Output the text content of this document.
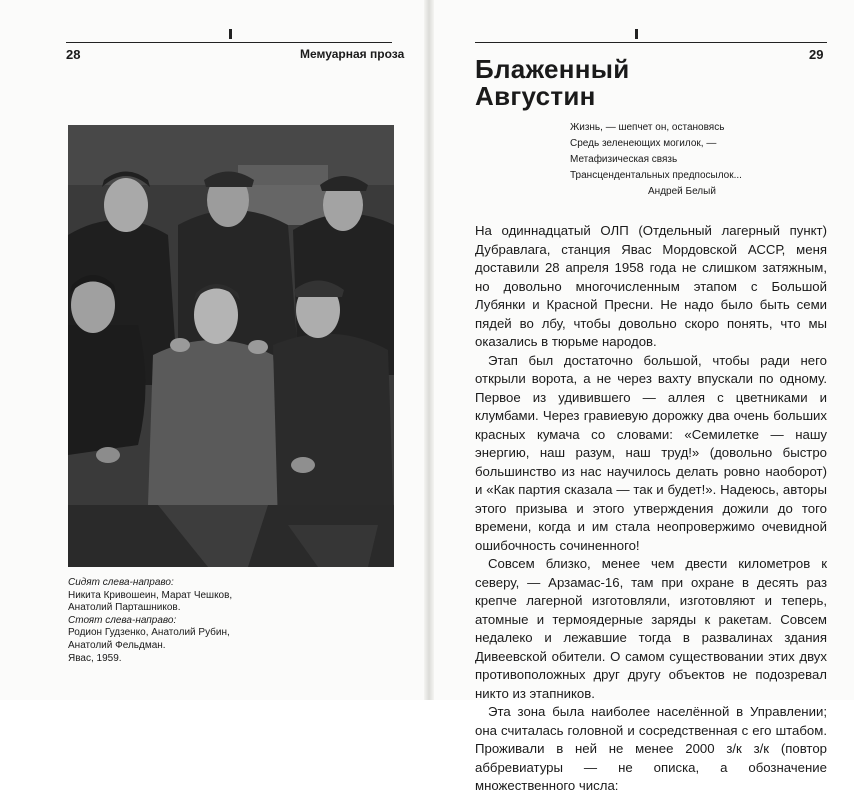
28	Мемуарная проза
Сидят слева-направо:
Никита Кривошеин, Марат Чешков,
Анатолий Парташников.
Стоят слева-направо:
Родион Гудзенко, Анатолий Рубин,
Анатолий Фельдман.
Явас, 1959.
29
Блаженный
Августин
Жизнь, — шепчет он, остановясь
Средь зеленеющих могилок, —
Метафизическая связь
Трансцендентальных предпосылок...
Андрей Белый

На одиннадцатый ОЛП (Отдельный лагерный пункт) Дубравлага, станция Явас Мордовской АССР, меня доставили 28 апреля 1958 года не слишком затяжным, но довольно многочисленным этапом с Большой Лубянки и Красной Пресни. Не надо было быть семи пядей во лбу, чтобы довольно скоро понять, что мы оказались в тюрьме народов.

Этап был достаточно большой, чтобы ради него открыли ворота, а не через вахту впускали по одному. Первое из удивившего — аллея с цветниками и клумбами. Через гравиевую дорожку два очень больших красных кумача со словами: «Семилетке — нашу энергию, наш разум, наш труд!» (довольно быстро большинство из нас научилось делать ровно наоборот) и «Как партия сказала — так и будет!». Надеюсь, авторы этого призыва и этого утверждения дожили до того времени, когда и им стала неопровержимо очевидной ошибочность сочиненного!

Совсем близко, менее чем двести километров к северу, — Арзамас-16, там при охране в десять раз крепче лагерной изготовляли, изготовляют и теперь, атомные и термоядерные заряды к ракетам. Совсем недалеко и лежавшие тогда в развалинах здания Дивеевской обители. О самом существовании этих двух противоположных друг другу объектов не подозревал никто из этапников.

Эта зона была наиболее населённой в Управлении; она считалась головной и сосредственная с его штабом. Проживали в ней не менее 2000 з/к з/к (повтор аббревиатуры — не описка, а обозначение множественного числа:
